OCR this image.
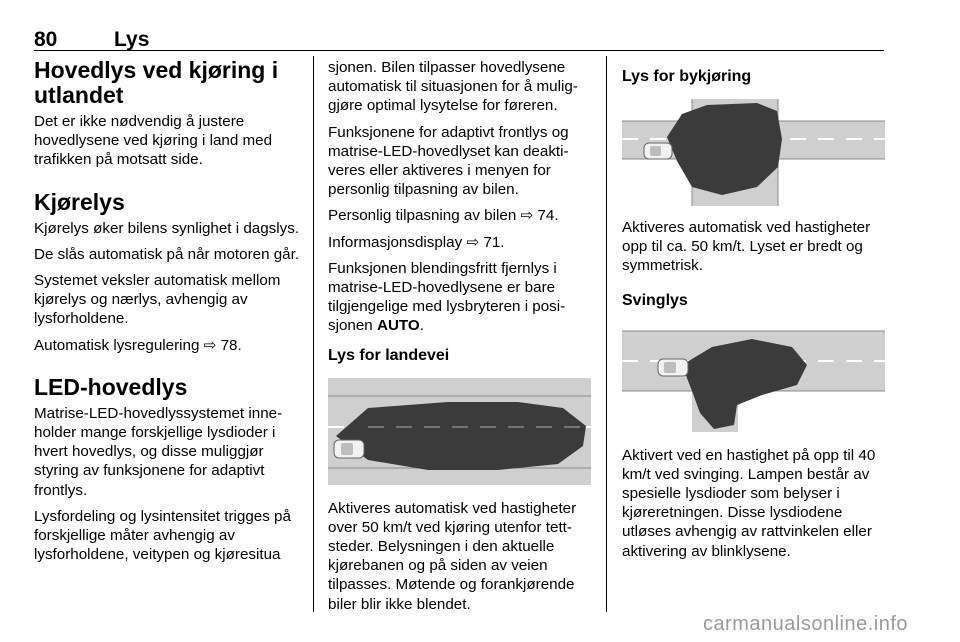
80	Lys
Hovedlys ved kjøring i utlandet

Det er ikke nødvendig å justere hovedlysene ved kjøring i land med trafikken på motsatt side.

Kjørelys

Kjørelys øker bilens synlighet i dagslys.

De slås automatisk på når motoren går.

Systemet veksler automatisk mellom kjørelys og nærlys, avhengig av lysforholdene.

Automatisk lysregulering ⇨ 78.

LED-hovedlys

Matrise-LED-hovedlyssystemet inneholder mange forskjellige lysdioder i hvert hovedlys, og disse muliggjør styring av funksjonene for adaptivt frontlys.

Lysfordeling og lysintensitet trigges på forskjellige måter avhengig av lysforholdene, veitypen og kjøresitua

sjonen. Bilen tilpasser hovedlysene automatisk til situasjonen for å muliggjøre optimal lysytelse for føreren.

Funksjonene for adaptivt frontlys og matrise-LED-hovedlyset kan deaktiveres eller aktiveres i menyen for personlig tilpasning av bilen.

Personlig tilpasning av bilen ⇨ 74.

Informasjonsdisplay ⇨ 71.

Funksjonen blendingsfritt fjernlys i matrise-LED-hovedlysene er bare tilgjengelige med lysbryteren i posisjonen AUTO.

Lys for landevei

Aktiveres automatisk ved hastigheter over 50 km/t ved kjøring utenfor tettsteder. Belysningen i den aktuelle kjørebanen og på siden av veien tilpasses. Møtende og forankjørende biler blir ikke blendet.

Lys for bykjøring

Aktiveres automatisk ved hastigheter opp til ca. 50 km/t. Lyset er bredt og symmetrisk.

Svinglys

Aktivert ved en hastighet på opp til 40 km/t ved svinging. Lampen består av spesielle lysdioder som belyser i kjøreretningen. Disse lysdiodene utløses avhengig av rattvinkelen eller aktivering av blinklysene.

carmanualsonline.info
